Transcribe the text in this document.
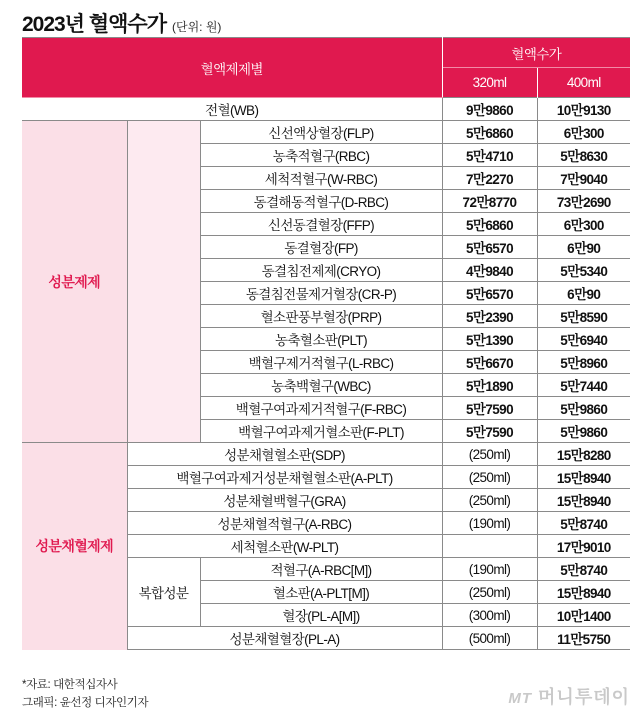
2023년 혈액수가 (단위: 원)
혈액제제별			혈액수가	
			320ml	400ml
전혈(WB)			9만9860	10만9130
성분제제		신선액상혈장(FLP)	5만6860	6만300
		농축적혈구(RBC)	5만4710	5만8630
		세척적혈구(W-RBC)	7만2270	7만9040
		동결해동적혈구(D-RBC)	72만8770	73만2690
		신선동결혈장(FFP)	5만6860	6만300
		동결혈장(FP)	5만6570	6만90
		동결침전제제(CRYO)	4만9840	5만5340
		동결침전물제거혈장(CR-P)	5만6570	6만90
		혈소판풍부혈장(PRP)	5만2390	5만8590
		농축혈소판(PLT)	5만1390	5만6940
		백혈구제거적혈구(L-RBC)	5만6670	5만8960
		농축백혈구(WBC)	5만1890	5만7440
		백혈구여과제거적혈구(F-RBC)	5만7590	5만9860
		백혈구여과제거혈소판(F-PLT)	5만7590	5만9860
성분채혈제제	성분채혈혈소판(SDP)		(250ml)	15만8280
	백혈구여과제거성분채혈혈소판(A-PLT)		(250ml)	15만8940
	성분채혈백혈구(GRA)		(250ml)	15만8940
	성분채혈적혈구(A-RBC)		(190ml)	5만8740
	세척혈소판(W-PLT)			17만9010
	복합성분	적혈구(A-RBC[M])	(190ml)	5만8740
		혈소판(A-PLT[M])	(250ml)	15만8940
		혈장(PL-A[M])	(300ml)	10만1400
	성분채혈혈장(PL-A)		(500ml)	11만5750
*자료: 대한적십자사
그래픽: 윤선정 디자인기자	MT 머니투데이
